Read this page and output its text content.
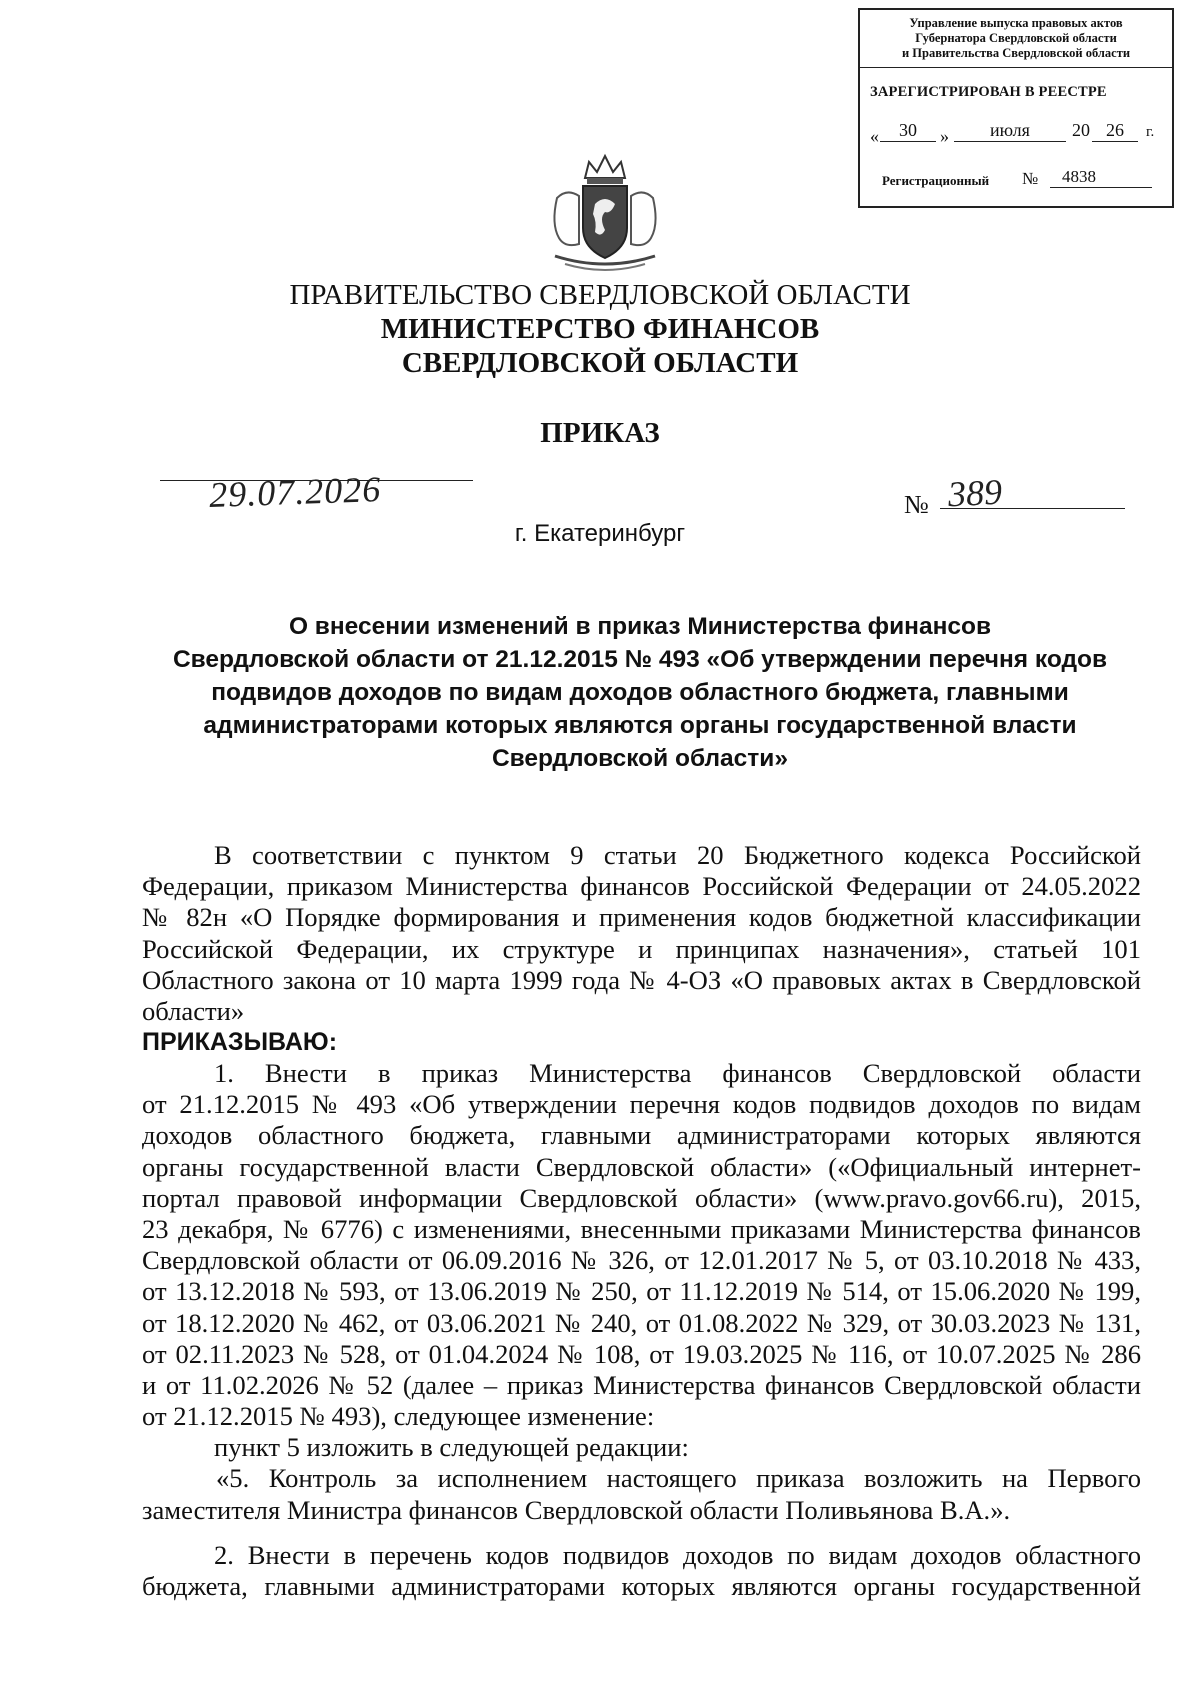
Управление выпуска правовых актов
Губернатора Свердловской области
и Правительства Свердловской области
ЗАРЕГИСТРИРОВАН В РЕЕСТРЕ
«	30	»	июля	20 26	г.
Регистрационный №	4838
ПРАВИТЕЛЬСТВО СВЕРДЛОВСКОЙ ОБЛАСТИ
МИНИСТЕРСТВО ФИНАНСОВ
СВЕРДЛОВСКОЙ ОБЛАСТИ
ПРИКАЗ
29.07.2026	№ 389
г. Екатеринбург
О внесении изменений в приказ Министерства финансов
Свердловской области от 21.12.2015 № 493 «Об утверждении перечня кодов
подвидов доходов по видам доходов областного бюджета, главными
администраторами которых являются органы государственной власти
Свердловской области»
В соответствии с пунктом 9 статьи 20 Бюджетного кодекса Российской
Федерации, приказом Министерства финансов Российской Федерации от 24.05.2022
№ 82н «О Порядке формирования и применения кодов бюджетной классификации
Российской Федерации, их структуре и принципах назначения», статьей 101
Областного закона от 10 марта 1999 года № 4-ОЗ «О правовых актах в Свердловской
области»
ПРИКАЗЫВАЮ:
1. Внести в приказ Министерства финансов Свердловской области
от 21.12.2015 № 493 «Об утверждении перечня кодов подвидов доходов по видам
доходов областного бюджета, главными администраторами которых являются
органы государственной власти Свердловской области» («Официальный интернет-
портал правовой информации Свердловской области» (www.pravo.gov66.ru), 2015,
23 декабря, № 6776) с изменениями, внесенными приказами Министерства финансов
Свердловской области от 06.09.2016 № 326, от 12.01.2017 № 5, от 03.10.2018 № 433,
от 13.12.2018 № 593, от 13.06.2019 № 250, от 11.12.2019 № 514, от 15.06.2020 № 199,
от 18.12.2020 № 462, от 03.06.2021 № 240, от 01.08.2022 № 329, от 30.03.2023 № 131,
от 02.11.2023 № 528, от 01.04.2024 № 108, от 19.03.2025 № 116, от 10.07.2025 № 286
и от 11.02.2026 № 52 (далее – приказ Министерства финансов Свердловской области
от 21.12.2015 № 493), следующее изменение:
пункт 5 изложить в следующей редакции:
«5. Контроль за исполнением настоящего приказа возложить на Первого
заместителя Министра финансов Свердловской области Поливьянова В.А.».
2. Внести в перечень кодов подвидов доходов по видам доходов областного
бюджета, главными администраторами которых являются органы государственной
